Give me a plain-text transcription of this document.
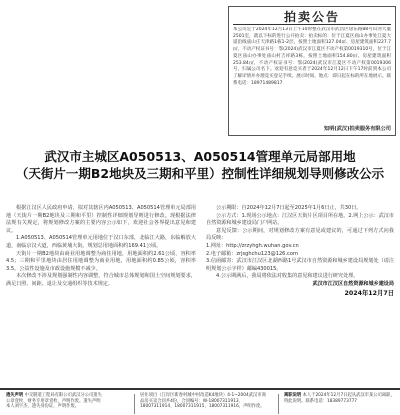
拍卖公告
本公司定于2024年12月13日上午10时整在武汉市武昌区徐东路88号山河大厦2501室，就以下标的进行公开拍卖：拍卖标的：位于江夏区庙山办事处江夏大道沿线庙山庄天津路1栋1-2层，按照土地面积127.04㎡、房屋建筑面积227.7㎡，不动产权证书号：鄂(2024)武汉市江夏区不动产权第0019310号，位于江夏区庙山办事处庙山村吉祥路3栋，按照土地面积154.80㎡、房屋建筑面积253.84㎡，不动产权证书号：鄂(2024)武汉市江夏区不动产权第0019306号，归属公司名下。欢迎有意竞买者于2024年12月12日下午17时前到本公司了解详情并办理竞买登记手续。展示时间、地点：即日起在标的所在地展示。联系电话：18971489817
知明(武汉)拍卖服务有限公司
武汉市主城区A050513、A050514管理单元局部用地
（天街片一期B2地块及三期和平里）控制性详细规划导则修改公示

根据江汉区人民政府申请，拟对其辖区内A050513、A050514管理单元局部用地（天街片一期B2地块及三期和平里）控制性详细规划导则进行修改。现根据法律法规有关规定，将规划修改方案的主要内容公示如下，欢迎社会各界提出意见和建议。

1.A050513、A050514管理单元用地位于汉口东部，北临江大路，东临解放大道，南临京汉大道，西临黄埔大街。规划总用地面积约169.41公顷。

天街片一期B2地块由商业用地调整为商住用地，用地面积约2.61公顷，容积率4.5；三期和平里地块由居住用地调整为商业用地，用地面积约0.85公顷，容积率3.5。公益性设施及市政设施规模不减少。

本次修改不涉及规划强制性内容调整，符合城市总体规划和国土空间规划要求，满足日照、间距、退让及交通组织等技术规定。

公示期限：自2024年12月7日起至2025年1月6日止，共30日。

公示方式：1.现场公示地点：江汉区天街片区项目所在地。2.网上公示：武汉市自然资源和城乡建设局门户网站。

意见反馈：公示期间，对规划修改方案有意见或建议的，可通过下列方式向我局反映：

1.网址：http://zrzyhgh.wuhan.gov.cn

2.电子邮箱：zrjsghchu123@126.com

3.信函邮寄：武汉市江汉区北湖西路1号武汉市自然资源和城乡建设局规划处（请注明规划公示字样）邮编430015。

4.公示期满后，我局将依法对收集的意见和建议进行研究处理。

武汉市江汉区自然资源和城乡建设局

2024年12月7日

遗失声明 中交隧道工程局有限公司武汉分公司遗失公章壹枚、财务专用章壹枚，声明作废。遗失声明 本人刘宇杰，遗失身份证，声明作废。
居住项目（江岸区新春村城中村改造K4地块）4-1~2004武汉市商品房买卖合同共4份，合同编号：W-18007311913、18007311914、18007311915、18007311916，声明作废。
离职说明 本人于2024年12月7日起从武汉市某公司离职，特此说明。联系电话：18389773777
